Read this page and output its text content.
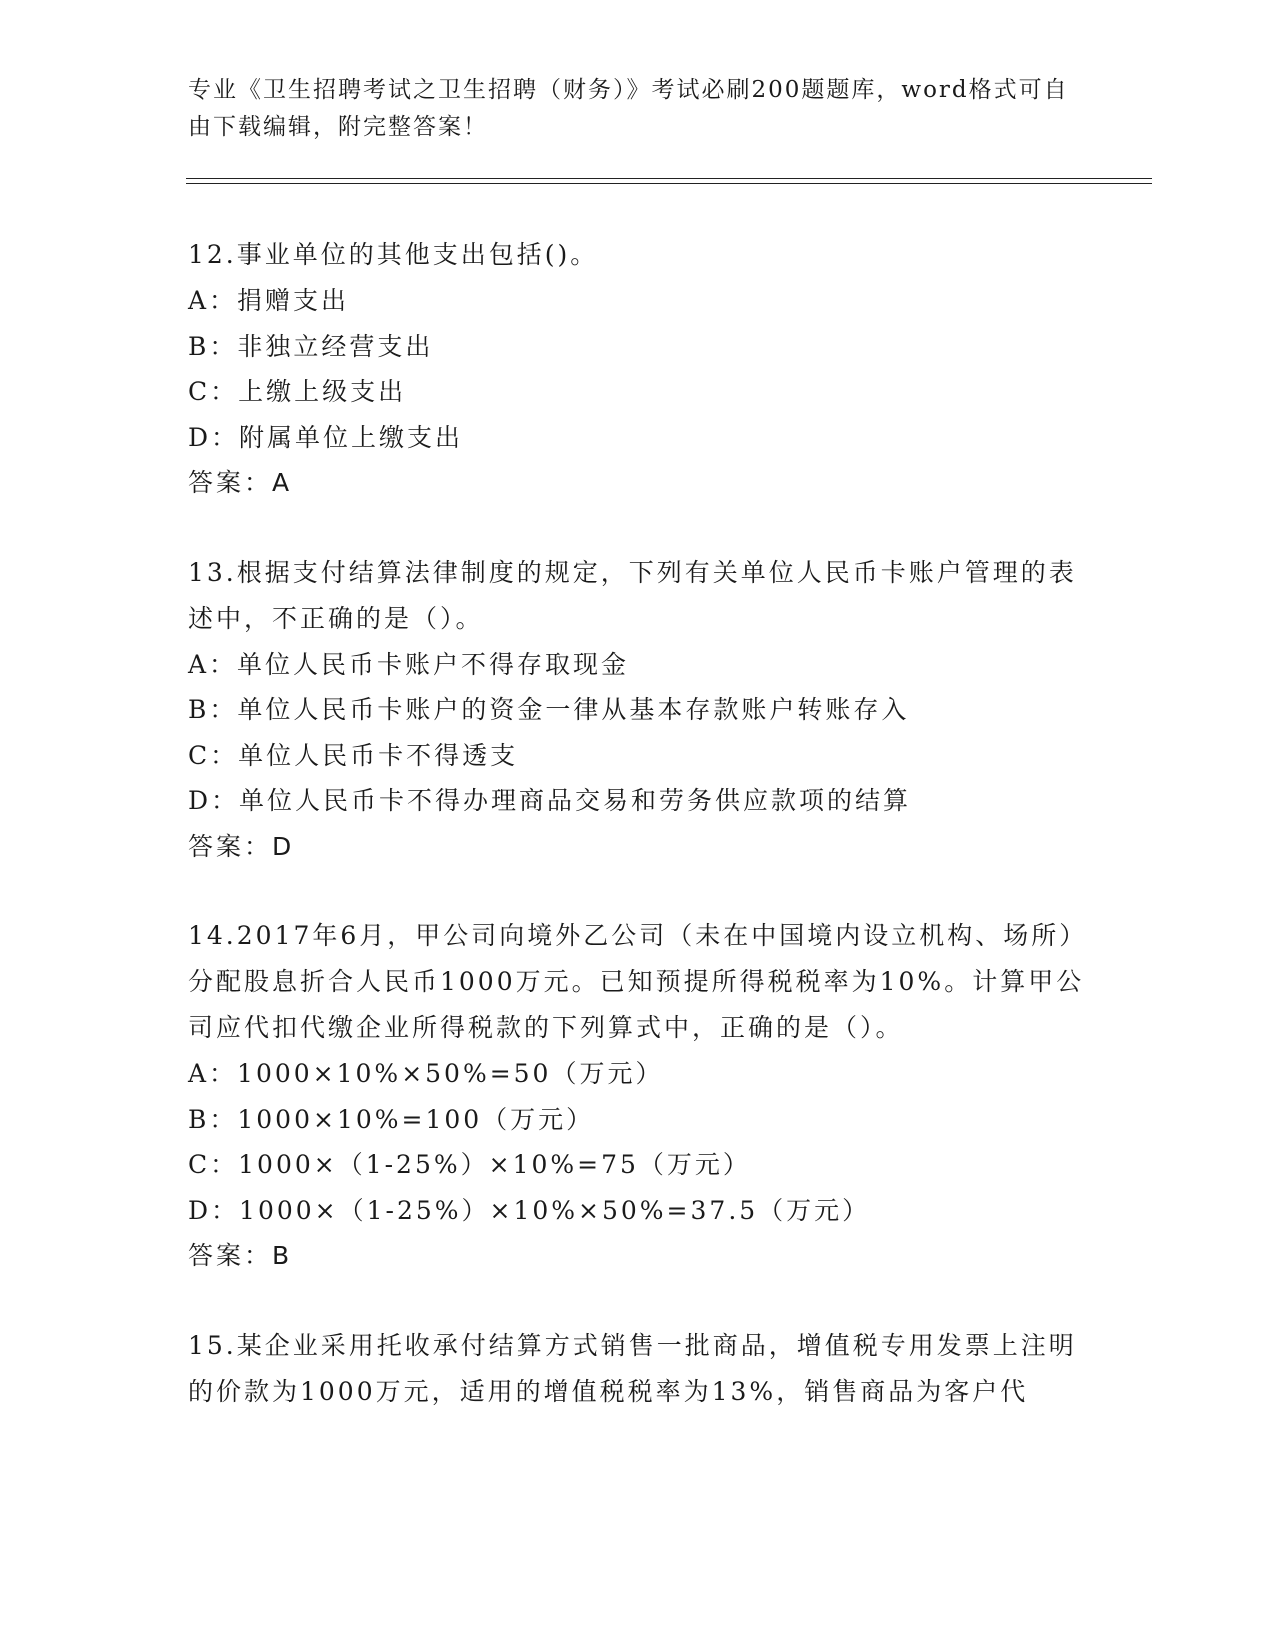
专业《卫生招聘考试之卫生招聘（财务）》考试必刷200题题库，word格式可自由下载编辑，附完整答案！
12.事业单位的其他支出包括()。
A：捐赠支出
B：非独立经营支出
C：上缴上级支出
D：附属单位上缴支出
答案：A
13.根据支付结算法律制度的规定，下列有关单位人民币卡账户管理的表述中，不正确的是（）。
A：单位人民币卡账户不得存取现金
B：单位人民币卡账户的资金一律从基本存款账户转账存入
C：单位人民币卡不得透支
D：单位人民币卡不得办理商品交易和劳务供应款项的结算
答案：D
14.2017年6月，甲公司向境外乙公司（未在中国境内设立机构、场所）分配股息折合人民币1000万元。已知预提所得税税率为10%。计算甲公司应代扣代缴企业所得税款的下列算式中，正确的是（）。
A：1000×10%×50%=50（万元）
B：1000×10%=100（万元）
C：1000×（1-25%）×10%=75（万元）
D：1000×（1-25%）×10%×50%=37.5（万元）
答案：B
15.某企业采用托收承付结算方式销售一批商品，增值税专用发票上注明的价款为1000万元，适用的增值税税率为13%，销售商品为客户代
